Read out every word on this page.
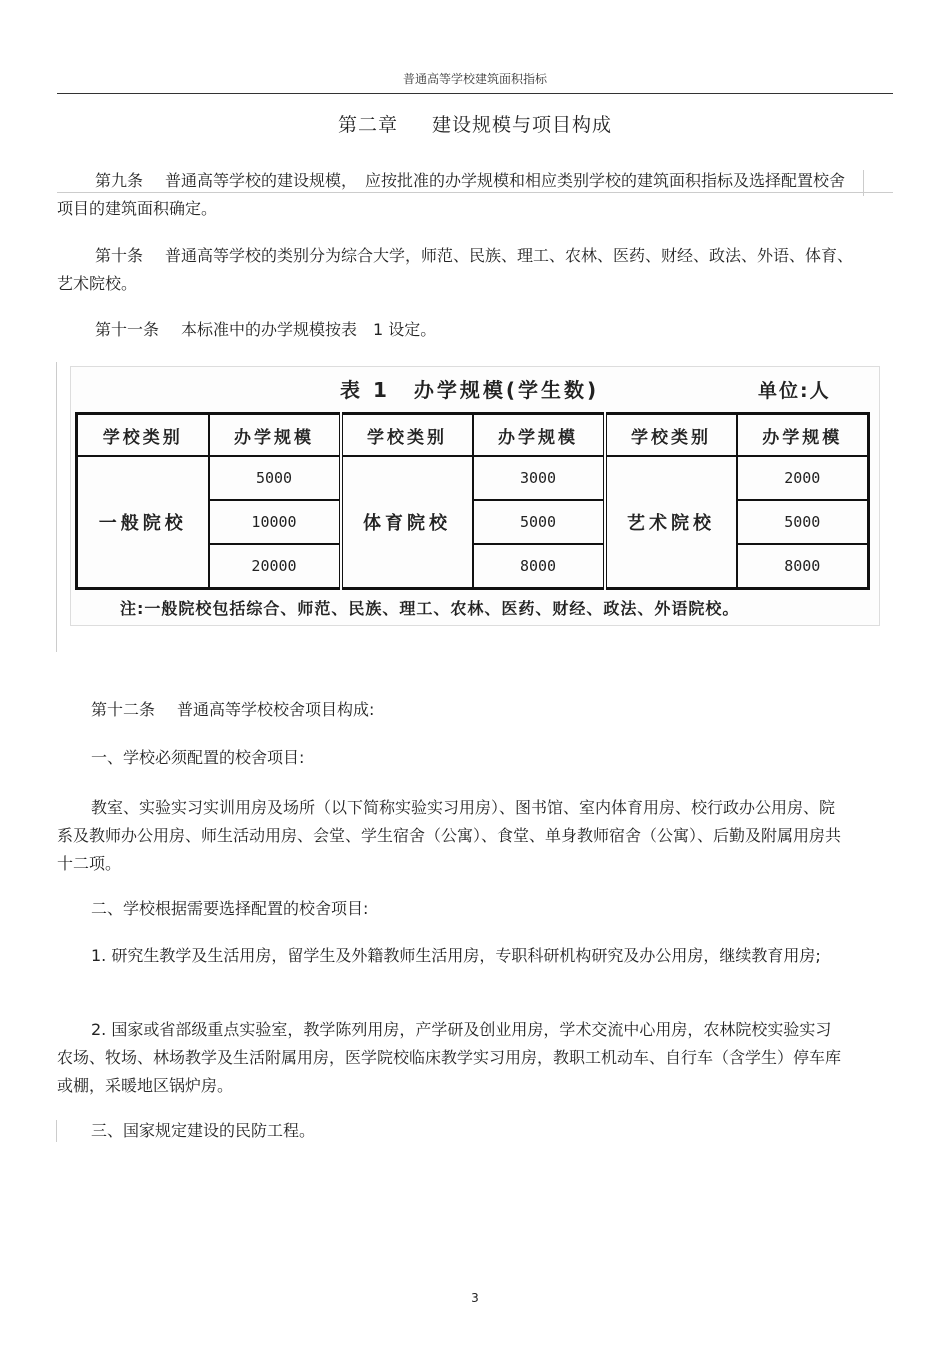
普通高等学校建筑面积指标
第二章 建设规模与项目构成

第九条 普通高等学校的建设规模，　应按批准的办学规模和相应类别学校的建筑面积指标及选择配置校舍项目的建筑面积确定。

第十条 普通高等学校的类别分为综合大学，师范、民族、理工、农林、医药、财经、政法、外语、体育、艺术院校。

第十一条 本标准中的办学规模按表　1 设定。

表 1 办学规模(学生数)	单位:人
学校类别	办学规模	学校类别	办学规模	学校类别	办学规模
一般院校	5000	体育院校	3000	艺术院校	2000
	10000		5000		5000
	20000		8000		8000
注:一般院校包括综合、师范、民族、理工、农林、医药、财经、政法、外语院校。

第十二条 普通高等学校校舍项目构成:

一、学校必须配置的校舍项目:

教室、实验实习实训用房及场所（以下简称实验实习用房）、图书馆、室内体育用房、校行政办公用房、院系及教师办公用房、师生活动用房、会堂、学生宿舍（公寓）、食堂、单身教师宿舍（公寓）、后勤及附属用房共十二项。

二、学校根据需要选择配置的校舍项目:

1. 研究生教学及生活用房，留学生及外籍教师生活用房，专职科研机构研究及办公用房，继续教育用房;

2. 国家或省部级重点实验室，教学陈列用房，产学研及创业用房，学术交流中心用房，农林院校实验实习农场、牧场、林场教学及生活附属用房，医学院校临床教学实习用房，教职工机动车、自行车（含学生）停车库或棚，采暖地区锅炉房。

三、国家规定建设的民防工程。

3
